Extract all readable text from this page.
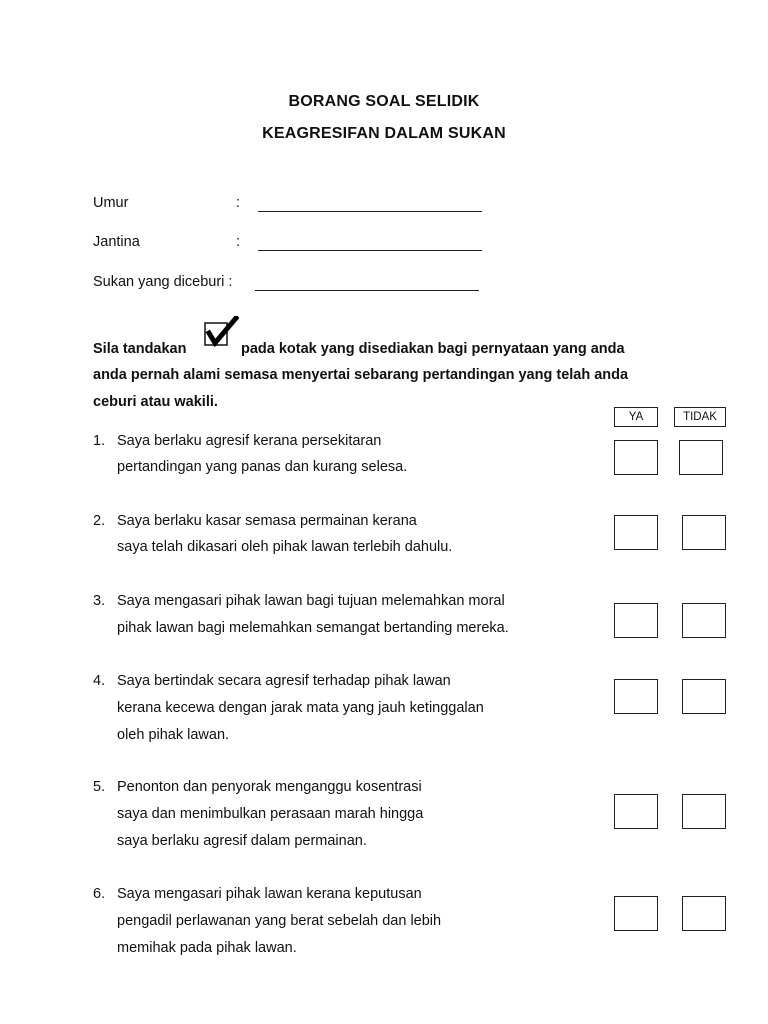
BORANG SOAL SELIDIK
KEAGRESIFAN DALAM SUKAN
Umur	:
Jantina	:
Sukan yang diceburi :
Sila tandakan	pada kotak yang disediakan bagi pernyataan yang anda
anda pernah alami semasa menyertai sebarang pertandingan yang telah anda
ceburi atau wakili.
YA	TIDAK
1. Saya berlaku agresif kerana persekitaran
pertandingan yang panas dan kurang selesa.
2. Saya berlaku kasar semasa permainan kerana
saya telah dikasari oleh pihak lawan terlebih dahulu.
3. Saya mengasari pihak lawan bagi tujuan melemahkan moral
pihak lawan bagi melemahkan semangat bertanding mereka.
4. Saya bertindak secara agresif terhadap pihak lawan
kerana kecewa dengan jarak mata yang jauh ketinggalan
oleh pihak lawan.
5. Penonton dan penyorak menganggu kosentrasi
saya dan menimbulkan perasaan marah hingga
saya berlaku agresif dalam permainan.
6. Saya mengasari pihak lawan kerana keputusan
pengadil perlawanan yang berat sebelah dan lebih
memihak pada pihak lawan.
